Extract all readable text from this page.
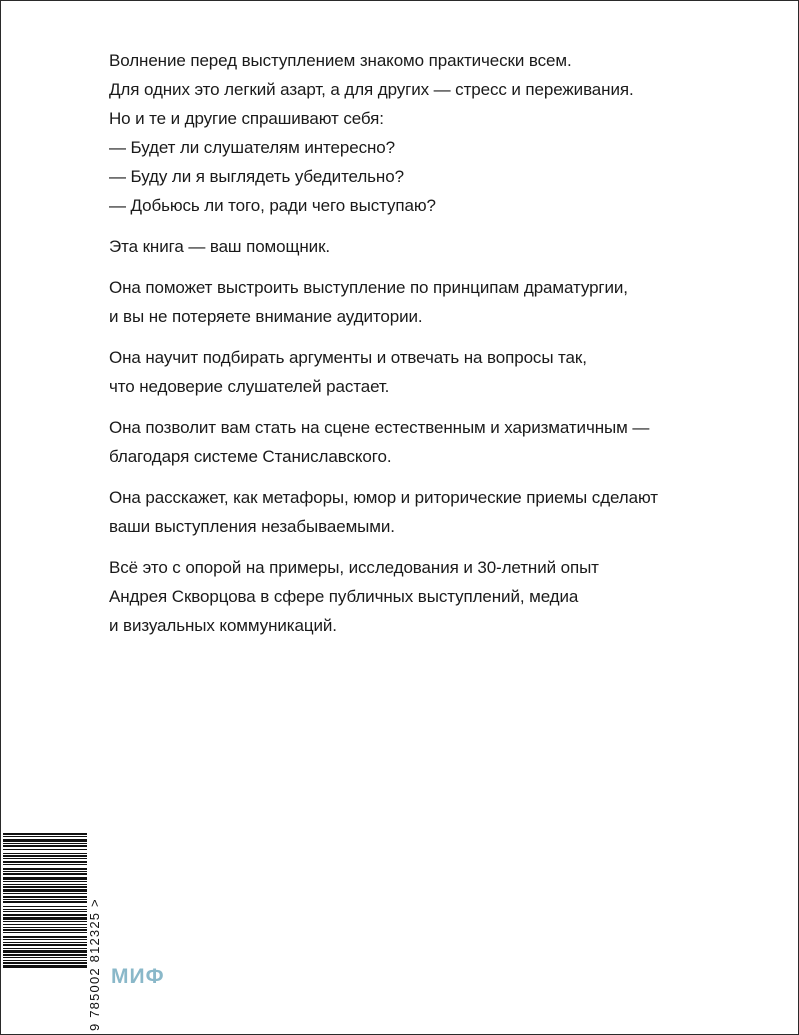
Волнение перед выступлением знакомо практически всем.
Для одних это легкий азарт, а для других — стресс и переживания.
Но и те и другие спрашивают себя:

— Будет ли слушателям интересно?
— Буду ли я выглядеть убедительно?
— Добьюсь ли того, ради чего выступаю?

Эта книга — ваш помощник.

Она поможет выстроить выступление по принципам драматургии,
и вы не потеряете внимание аудитории.

Она научит подбирать аргументы и отвечать на вопросы так,
что недоверие слушателей растает.

Она позволит вам стать на сцене естественным и харизматичным —
благодаря системе Станиславского.

Она расскажет, как метафоры, юмор и риторические приемы сделают
ваши выступления незабываемыми.

Всё это с опорой на примеры, исследования и 30-летний опыт
Андрея Скворцова в сфере публичных выступлений, медиа
и визуальных коммуникаций.

9 785002 812325 > МИФ
